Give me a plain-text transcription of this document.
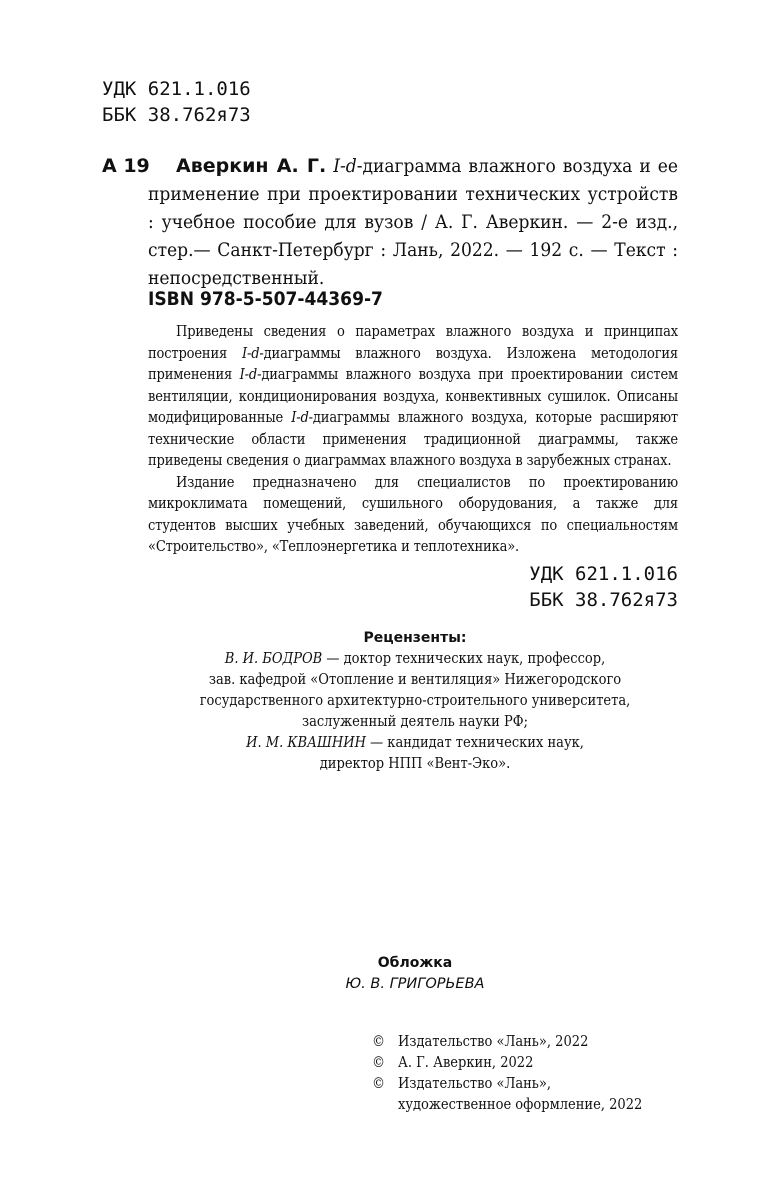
УДК 621.1.016
ББК 38.762я73
А 19	Аверкин А. Г. I-d-диаграмма влажного воздуха и ее применение при проектировании технических устройств : учебное пособие для вузов / А. Г. Аверкин. — 2-е изд., стер.— Санкт-Петербург : Лань, 2022. — 192 с. — Текст : непосредственный.
ISBN 978-5-507-44369-7

Приведены сведения о параметрах влажного воздуха и принципах построения I-d-диаграммы влажного воздуха. Изложена методология применения I-d-диаграммы влажного воздуха при проектировании систем вентиляции, кондиционирования воздуха, конвективных сушилок. Описаны модифицированные I-d-диаграммы влажного воздуха, которые расширяют технические области применения традиционной диаграммы, также приведены сведения о диаграммах влажного воздуха в зарубежных странах.

Издание предназначено для специалистов по проектированию микроклимата помещений, сушильного оборудования, а также для студентов высших учебных заведений, обучающихся по специальностям «Строительство», «Теплоэнергетика и теплотехника».

УДК 621.1.016
ББК 38.762я73
Рецензенты:
В. И. БОДРОВ — доктор технических наук, профессор,
зав. кафедрой «Отопление и вентиляция» Нижегородского
государственного архитектурно-строительного университета,
заслуженный деятель науки РФ;
И. М. КВАШНИН — кандидат технических наук,
директор НПП «Вент-Эко».
Обложка
Ю. В. ГРИГОРЬЕВА
© Издательство «Лань», 2022
© А. Г. Аверкин, 2022
© Издательство «Лань»,
художественное оформление, 2022
